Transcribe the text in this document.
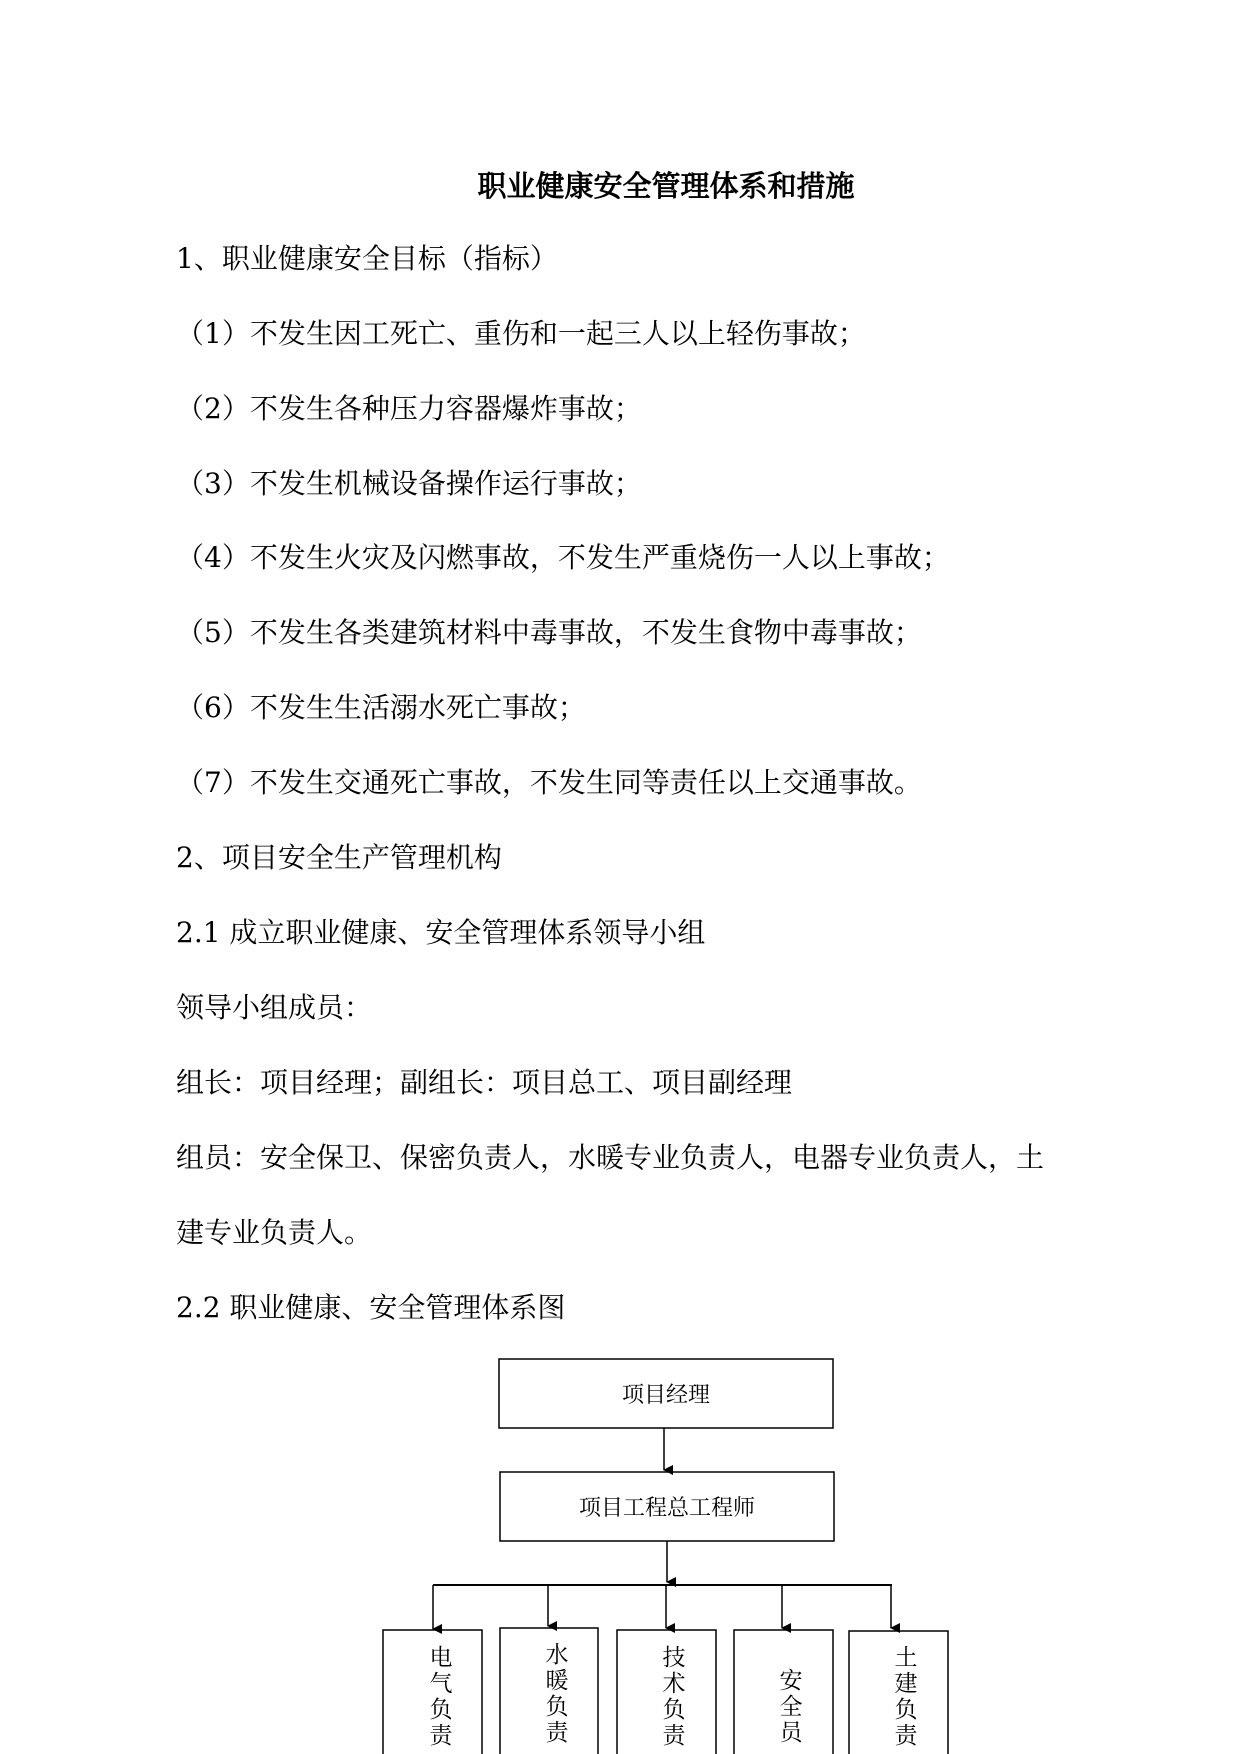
职业健康安全管理体系和措施
1、职业健康安全目标（指标）
（1）不发生因工死亡、重伤和一起三人以上轻伤事故；
（2）不发生各种压力容器爆炸事故；
（3）不发生机械设备操作运行事故；
（4）不发生火灾及闪燃事故，不发生严重烧伤一人以上事故；
（5）不发生各类建筑材料中毒事故，不发生食物中毒事故；
（6）不发生生活溺水死亡事故；
（7）不发生交通死亡事故，不发生同等责任以上交通事故。
2、项目安全生产管理机构
2.1 成立职业健康、安全管理体系领导小组
领导小组成员：
组长：项目经理；副组长：项目总工、项目副经理
组员：安全保卫、保密负责人，水暖专业负责人，电器专业负责人，土
建专业负责人。
2.2 职业健康、安全管理体系图
项目经理
项目工程总工程师
电气负责
水暖负责
技术负责
安全员
土建负责
